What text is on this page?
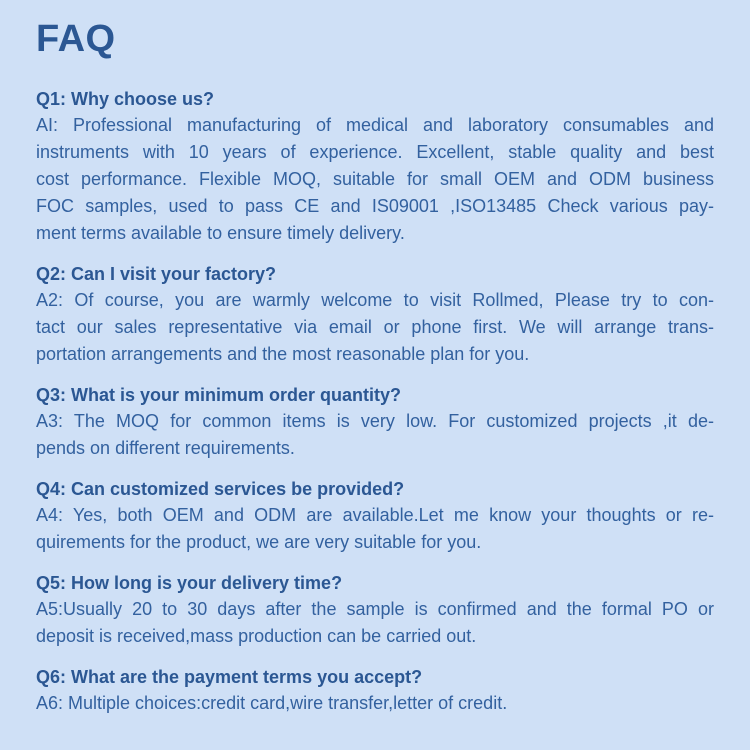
FAQ
Q1: Why choose us?
AI: Professional manufacturing of medical and laboratory consumables and
instruments with 10 years of experience. Excellent, stable quality and best
cost performance. Flexible MOQ, suitable for small OEM and ODM business
FOC samples, used to pass CE and IS09001 ,ISO13485 Check various pay-
ment terms available to ensure timely delivery.
Q2: Can I visit your factory?
A2: Of course, you are warmly welcome to visit Rollmed, Please try to con-
tact our sales representative via email or phone first. We will arrange trans-
portation arrangements and the most reasonable plan for you.
Q3: What is your minimum order quantity?
A3: The MOQ for common items is very low. For customized projects ,it de-
pends on different requirements.
Q4: Can customized services be provided?
A4: Yes, both OEM and ODM are available.Let me know your thoughts or re-
quirements for the product, we are very suitable for you.
Q5: How long is your delivery time?
A5:Usually 20 to 30 days after the sample is confirmed and the formal PO or
deposit is received,mass production can be carried out.
Q6: What are the payment terms you accept?
A6: Multiple choices:credit card,wire transfer,letter of credit.
